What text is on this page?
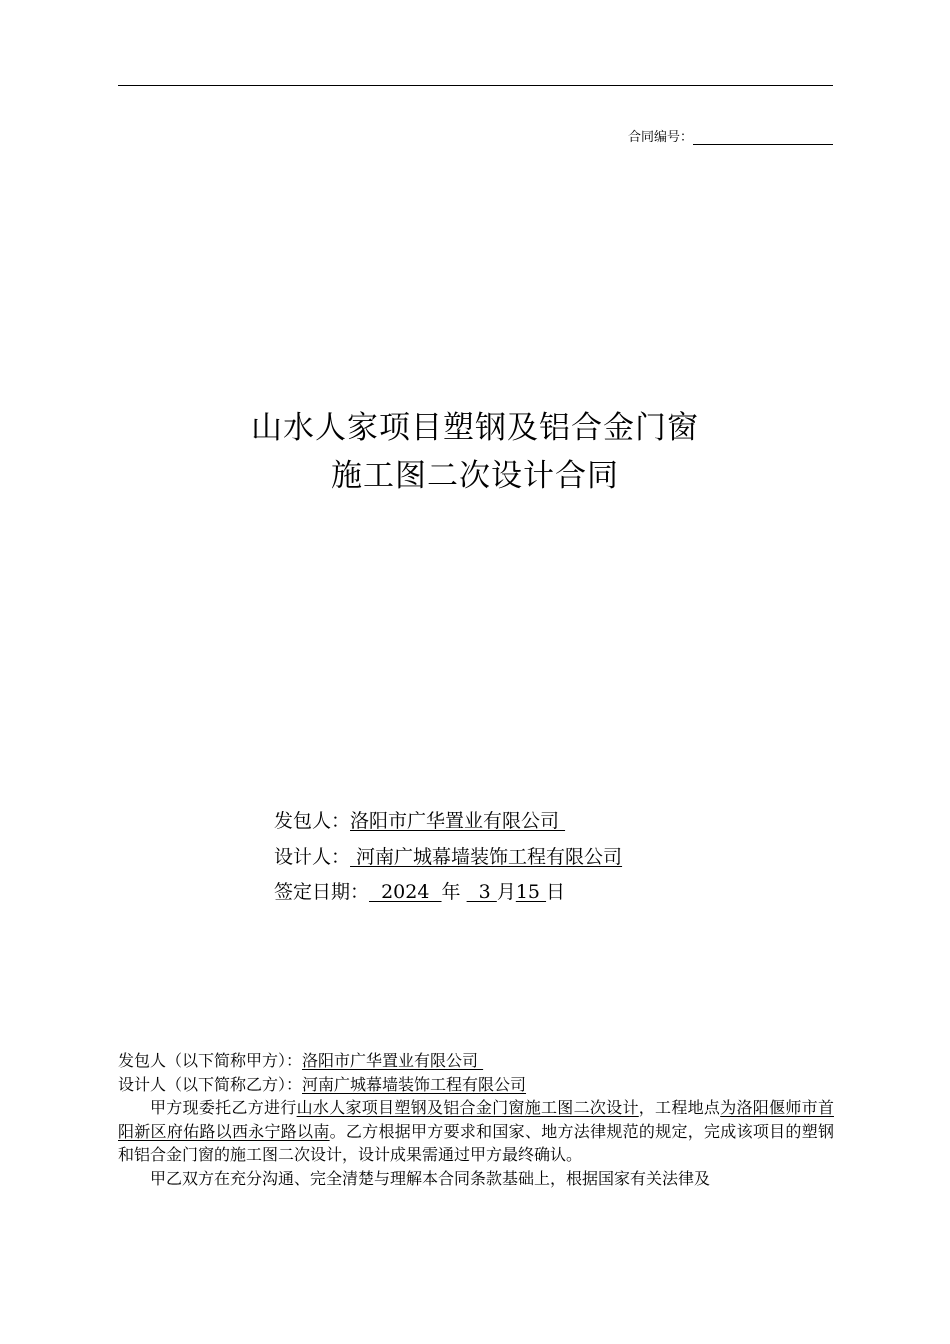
合同编号：
山水人家项目塑钢及铝合金门窗
施工图二次设计合同
发包人：洛阳市广华置业有限公司
设计人： 河南广城幕墙装饰工程有限公司
签定日期：  2024  年   3 月15 日
发包人（以下简称甲方）：洛阳市广华置业有限公司
设计人（以下简称乙方）：河南广城幕墙装饰工程有限公司
甲方现委托乙方进行山水人家项目塑钢及铝合金门窗施工图二次设计，工程地点为洛阳偃师市首阳新区府佑路以西永宁路以南。乙方根据甲方要求和国家、地方法律规范的规定，完成该项目的塑钢和铝合金门窗的施工图二次设计，设计成果需通过甲方最终确认。
甲乙双方在充分沟通、完全清楚与理解本合同条款基础上，根据国家有关法律及
